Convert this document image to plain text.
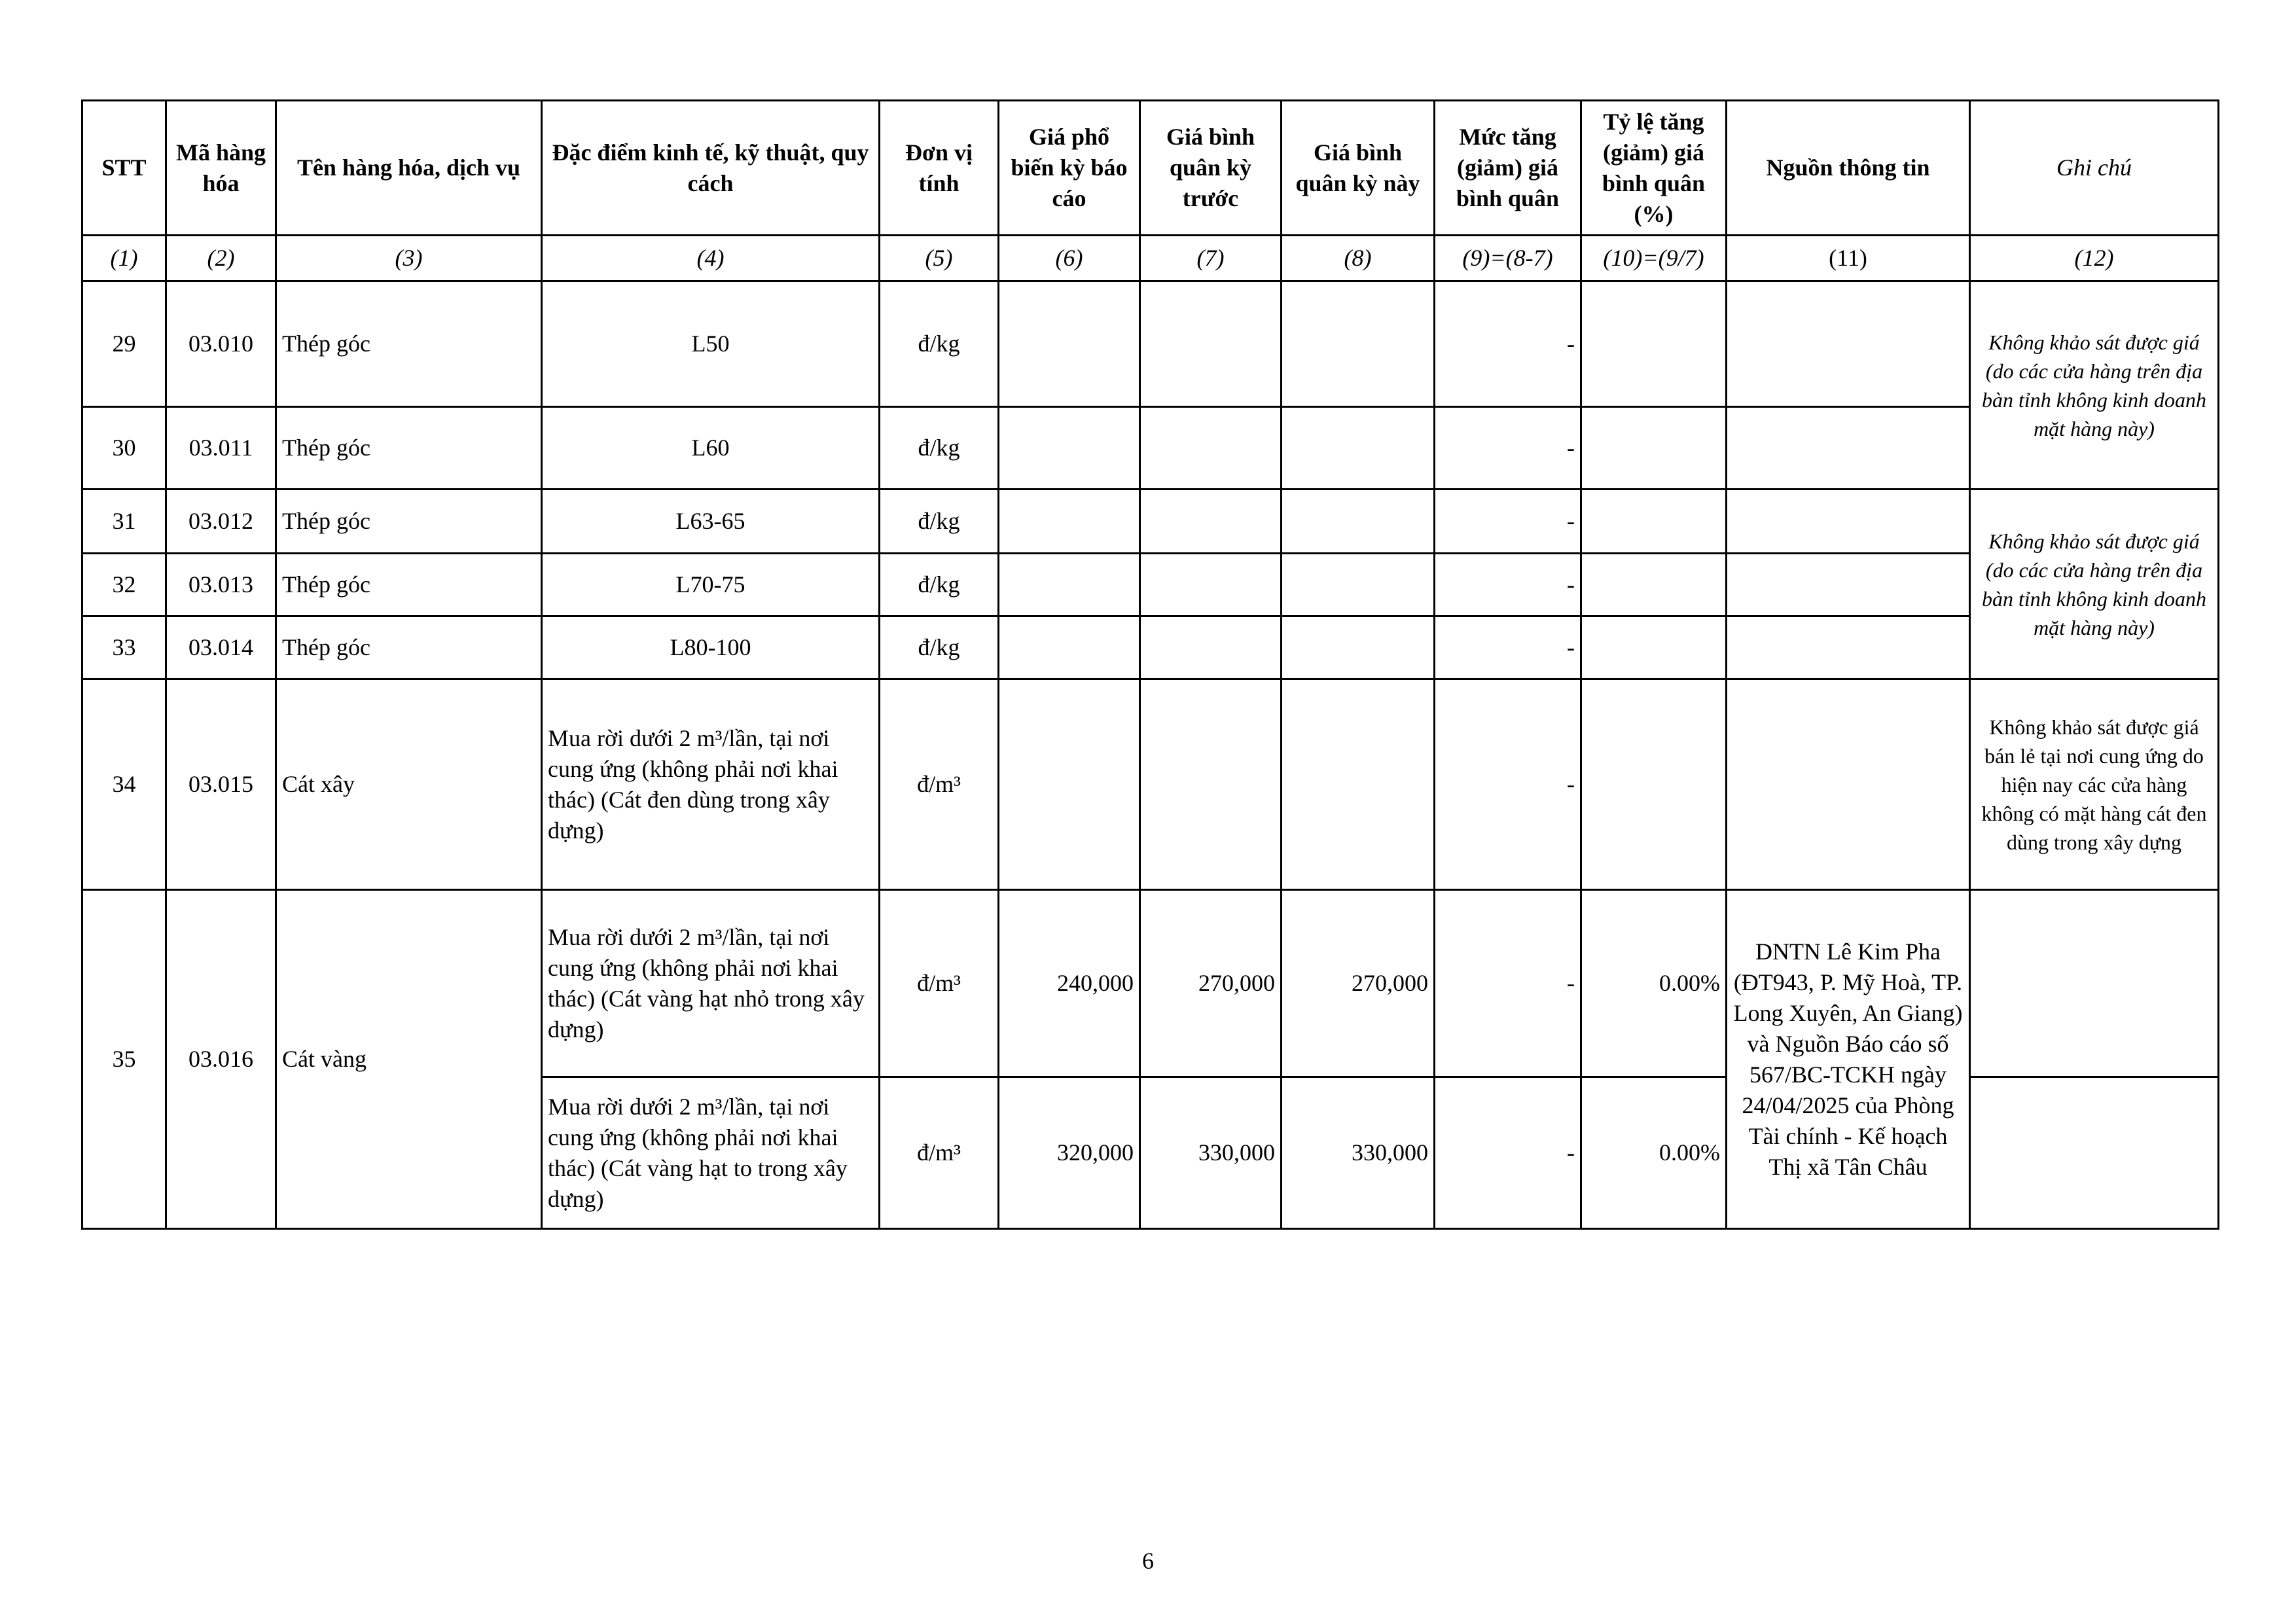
STT	Mã hàng hóa	Tên hàng hóa, dịch vụ	Đặc điểm kinh tế, kỹ thuật, quy cách	Đơn vị tính	Giá phổ biến kỳ báo cáo	Giá bình quân kỳ trước	Giá bình quân kỳ này	Mức tăng (giảm) giá bình quân	Tỷ lệ tăng (giảm) giá bình quân (%)	Nguồn thông tin	Ghi chú
(1)	(2)	(3)	(4)	(5)	(6)	(7)	(8)	(9)=(8-7)	(10)=(9/7)	(11)	(12)
29	03.010	Thép góc	L50	đ/kg				-			Không khảo sát được giá (do các cửa hàng trên địa bàn tỉnh không kinh doanh mặt hàng này)
30	03.011	Thép góc	L60	đ/kg				-			
31	03.012	Thép góc	L63-65	đ/kg				-			Không khảo sát được giá (do các cửa hàng trên địa bàn tỉnh không kinh doanh mặt hàng này)
32	03.013	Thép góc	L70-75	đ/kg				-			
33	03.014	Thép góc	L80-100	đ/kg				-			
34	03.015	Cát xây	Mua rời dưới 2 m³/lần, tại nơi cung ứng (không phải nơi khai thác) (Cát đen dùng trong xây dựng)	đ/m³				-			Không khảo sát được giá bán lẻ tại nơi cung ứng do hiện nay các cửa hàng không có mặt hàng cát đen dùng trong xây dựng
35	03.016	Cát vàng	Mua rời dưới 2 m³/lần, tại nơi cung ứng (không phải nơi khai thác) (Cát vàng hạt nhỏ trong xây dựng)	đ/m³	240,000	270,000	270,000	-	0.00%	DNTN Lê Kim Pha (ĐT943, P. Mỹ Hoà, TP. Long Xuyên, An Giang) và Nguồn Báo cáo số 567/BC-TCKH ngày 24/04/2025 của Phòng Tài chính - Kế hoạch Thị xã Tân Châu	
			Mua rời dưới 2 m³/lần, tại nơi cung ứng (không phải nơi khai thác) (Cát vàng hạt to trong xây dựng)	đ/m³	320,000	330,000	330,000	-	0.00%		
6
